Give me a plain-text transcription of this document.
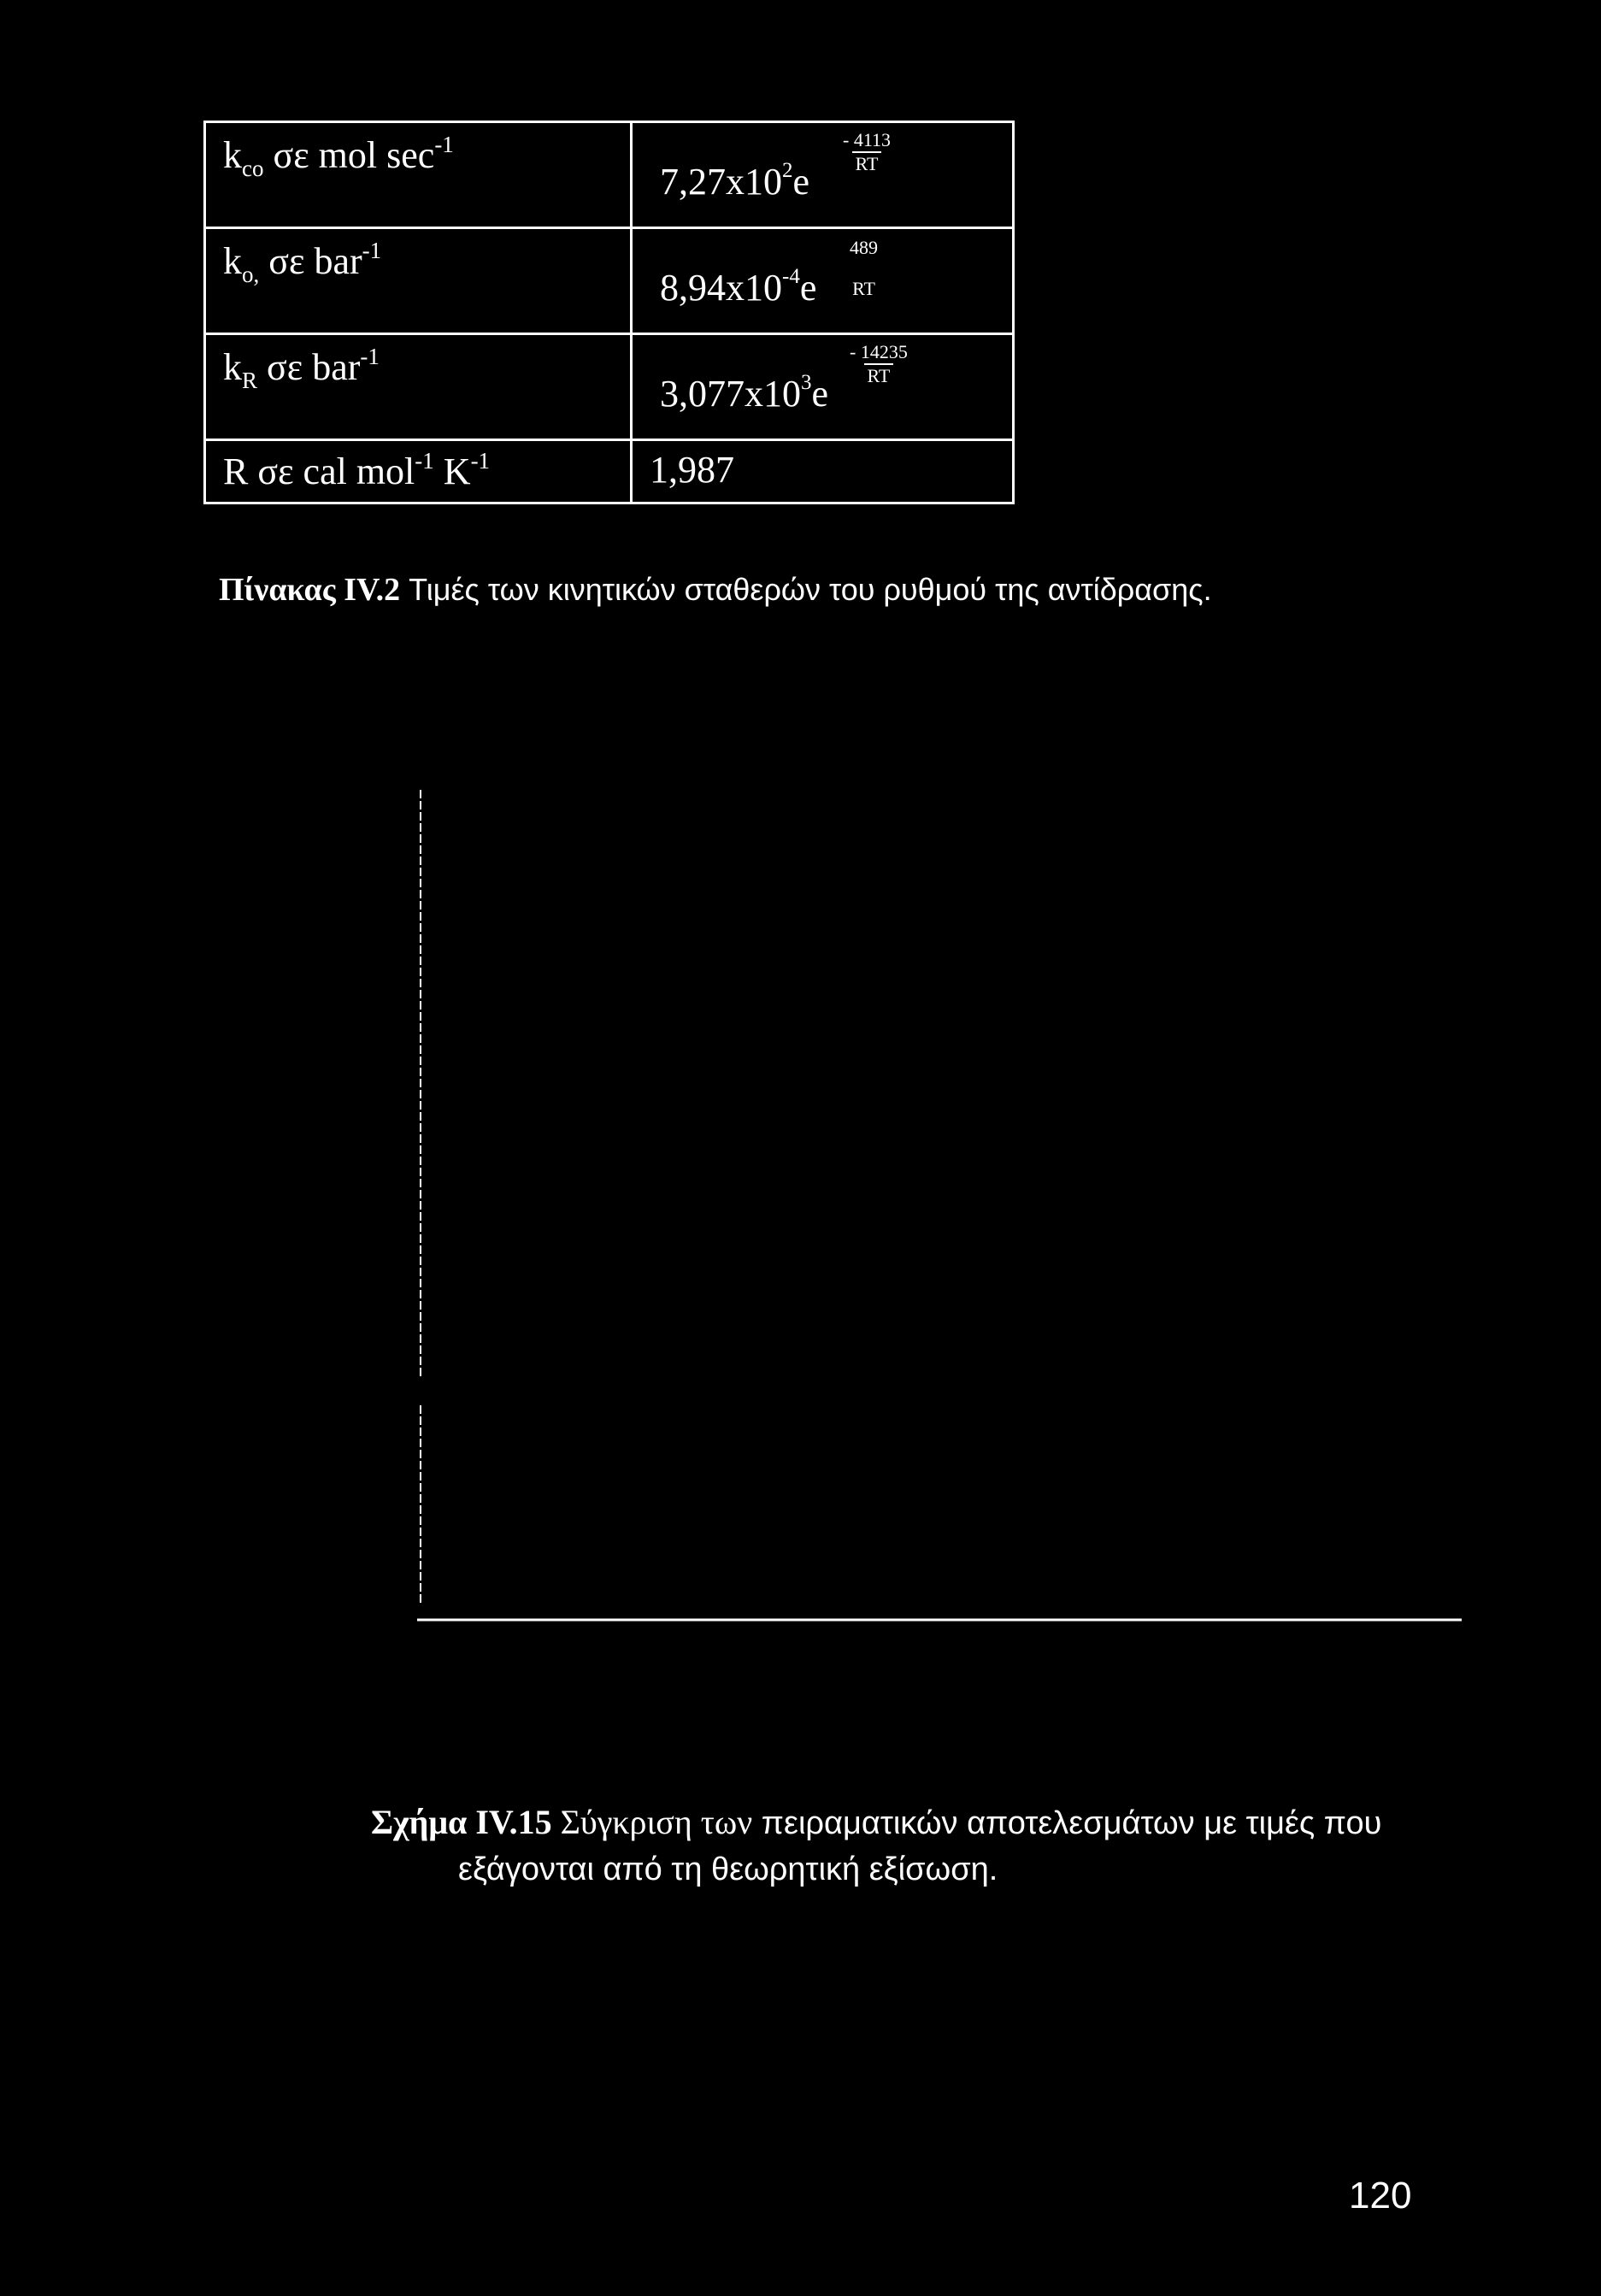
$k_{co}$ σε mol $\sec^{-1}$	$7,27x10^2e$
$\frac{- 4113}{RT}$

$k_{o,}$ σε bar$^{-1}$	$8,94x10^{-4}e$
489
RT

$k_R$ σε bar$^{-1}$	$3,077x10^3e$
$\frac{- 14235}{RT}$

R σε cal mol$^{-1}$ $K^{-1}$	1,987
Πίνακας IV.2 Τιμές των κινητικών σταθερών του ρυθμού της αντίδρασης.
Σχήμα IV.15 Σύγκριση των πειραματικών αποτελεσμάτων με τιμές που
εξάγονται από τη θεωρητική εξίσωση.
120
